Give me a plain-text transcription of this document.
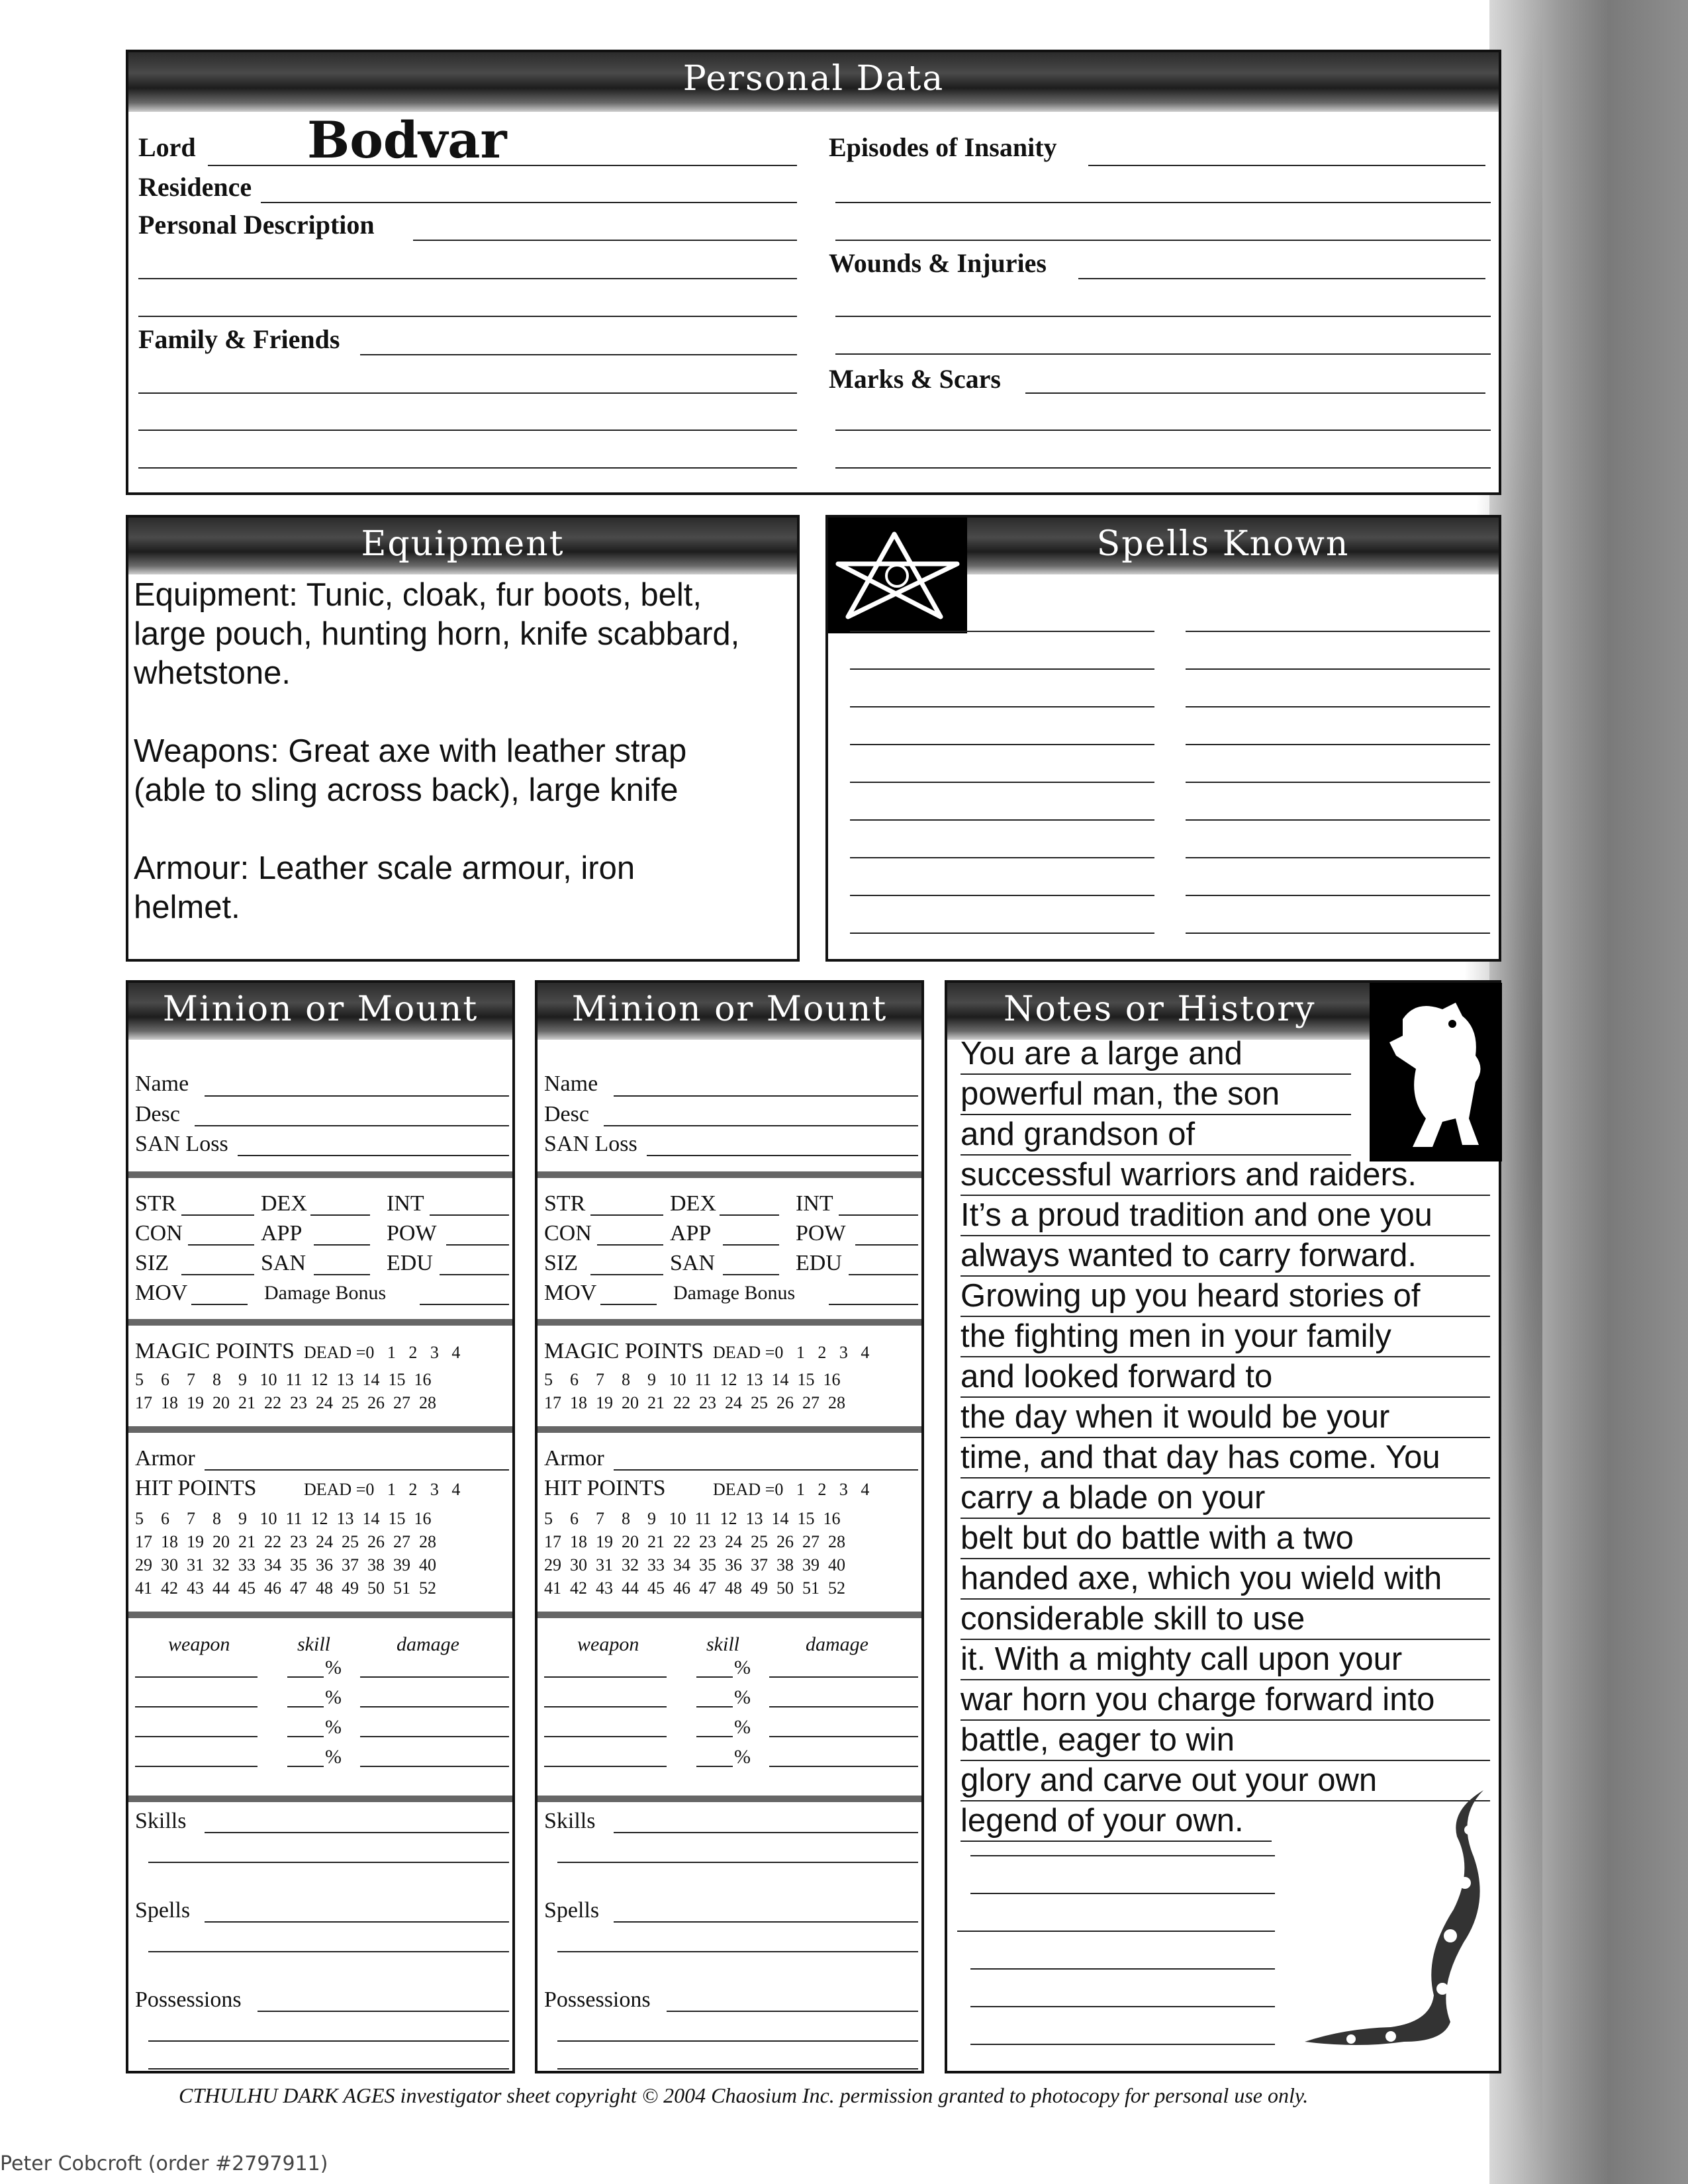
Personal Data
Lord Bodvar
Residence
Personal Description
Family & Friends
Episodes of Insanity
Wounds & Injuries
Marks & Scars
Equipment
Equipment: Tunic, cloak, fur boots, belt,
large pouch, hunting horn, knife scabbard,
whetstone.
Weapons: Great axe with leather strap
(able to sling across back), large knife
Armour: Leather scale armour, iron
helmet.
Spells Known
Minion or Mount
Name
Desc
SAN Loss
STR	DEX	INT
CON	APP	POW
SIZ	SAN	EDU
MOV	Damage Bonus
MAGIC POINTS DEAD =0   1   2   3   4
5    6    7    8    9   10  11  12  13  14  15  16
17  18  19  20  21  22  23  24  25  26  27  28
Armor
HIT POINTS	DEAD =0   1   2   3   4
5    6    7    8    9   10  11  12  13  14  15  16
17  18  19  20  21  22  23  24  25  26  27  28
29  30  31  32  33  34  35  36  37  38  39  40
41  42  43  44  45  46  47  48  49  50  51  52
weapon	skill	damage
Skills
Spells
Possessions
%
%
%
%
Minion or Mount
Name
Desc
SAN Loss
STR	DEX	INT
CON	APP	POW
SIZ	SAN	EDU
MOV	Damage Bonus
MAGIC POINTS DEAD =0   1   2   3   4
5    6    7    8    9   10  11  12  13  14  15  16
17  18  19  20  21  22  23  24  25  26  27  28
Armor
HIT POINTS	DEAD =0   1   2   3   4
5    6    7    8    9   10  11  12  13  14  15  16
17  18  19  20  21  22  23  24  25  26  27  28
29  30  31  32  33  34  35  36  37  38  39  40
41  42  43  44  45  46  47  48  49  50  51  52
weapon	skill	damage
Skills
Spells
Possessions
%
%
%
%
Notes or History
You are a large and
powerful man, the son
and grandson of
successful warriors and raiders.
It’s a proud tradition and one you
always wanted to carry forward.
Growing up you heard stories of
the fighting men in your family
and looked forward to
the day when it would be your
time, and that day has come. You
carry a blade on your
belt but do battle with a two
handed axe, which you wield with
considerable skill to use
it. With a mighty call upon your
war horn you charge forward into
battle, eager to win
glory and carve out your own
legend of your own.
CTHULHU DARK AGES investigator sheet copyright © 2004 Chaosium Inc. permission granted to photocopy for personal use only.
Peter Cobcroft (order #2797911)
